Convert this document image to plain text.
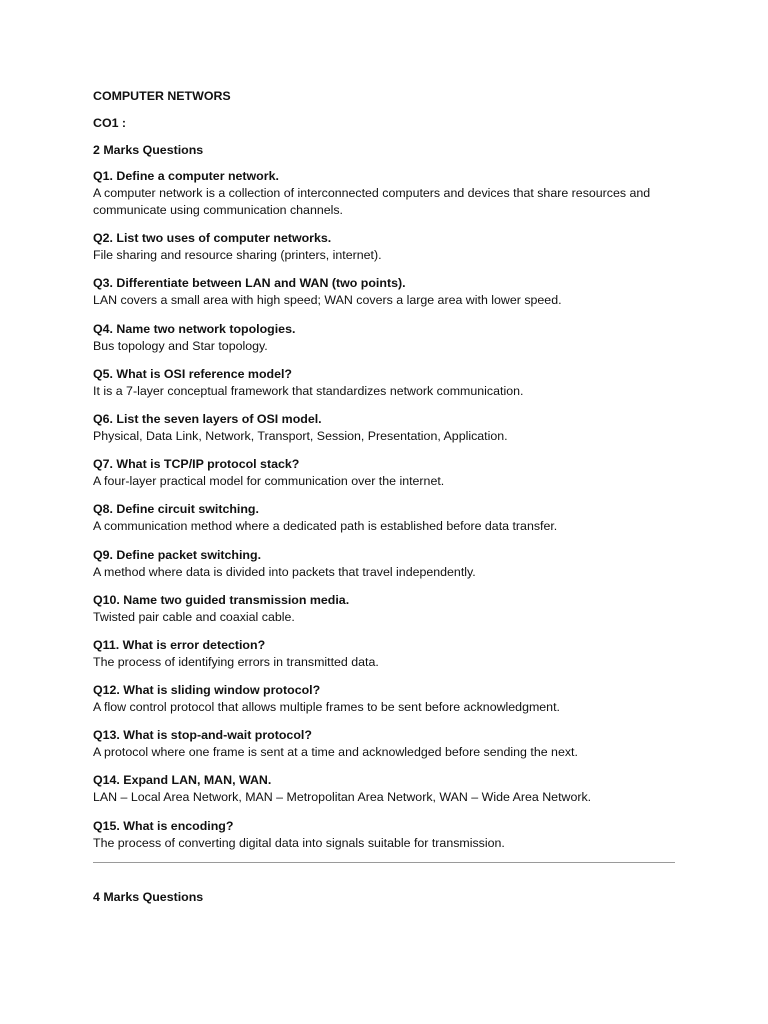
COMPUTER NETWORS

CO1 :

2 Marks Questions

Q1. Define a computer network.

A computer network is a collection of interconnected computers and devices that share resources and communicate using communication channels.

Q2. List two uses of computer networks.

File sharing and resource sharing (printers, internet).

Q3. Differentiate between LAN and WAN (two points).

LAN covers a small area with high speed; WAN covers a large area with lower speed.

Q4. Name two network topologies.

Bus topology and Star topology.

Q5. What is OSI reference model?

It is a 7-layer conceptual framework that standardizes network communication.

Q6. List the seven layers of OSI model.

Physical, Data Link, Network, Transport, Session, Presentation, Application.

Q7. What is TCP/IP protocol stack?

A four-layer practical model for communication over the internet.

Q8. Define circuit switching.

A communication method where a dedicated path is established before data transfer.

Q9. Define packet switching.

A method where data is divided into packets that travel independently.

Q10. Name two guided transmission media.

Twisted pair cable and coaxial cable.

Q11. What is error detection?

The process of identifying errors in transmitted data.

Q12. What is sliding window protocol?

A flow control protocol that allows multiple frames to be sent before acknowledgment.

Q13. What is stop-and-wait protocol?

A protocol where one frame is sent at a time and acknowledged before sending the next.

Q14. Expand LAN, MAN, WAN.

LAN – Local Area Network, MAN – Metropolitan Area Network, WAN – Wide Area Network.

Q15. What is encoding?

The process of converting digital data into signals suitable for transmission.

4 Marks Questions
